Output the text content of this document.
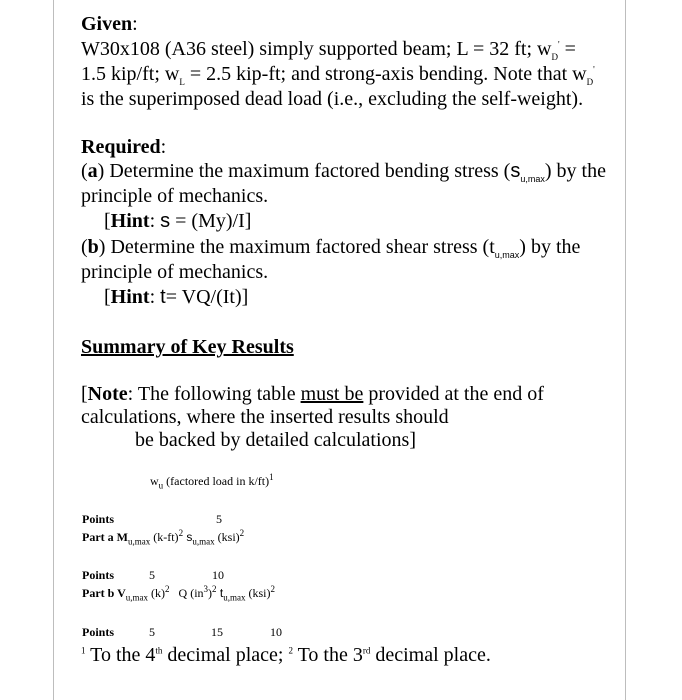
Given:
W30x108 (A36 steel) simply supported beam; L = 32 ft; $w_D'$ =
1.5 kip/ft; $w_L = 2.5$ kip-ft; and strong-axis bending. Note that $w_D'$
is the superimposed dead load (i.e., excluding the self-weight).
Required:
(a) Determine the maximum factored bending stress $(s_{u,max})$ by the
principle of mechanics.
[Hint: s = (My)/I]
(b) Determine the maximum factored shear stress $(t_{u,max})$ by the
principle of mechanics.
[Hint: t= VQ/(It)]
Summary of Key Results
[Note: The following table must be provided at the end of
calculations, where the inserted results should
be backed by detailed calculations]
$w_u$ (factored load in k/ft)$^1$
Points	5
Part a $M_{u,max}$ $(k-ft)^2$ $s_{u,max}$ (ksi)$^2$
Points	5	10
Part b $V_{u,max}$ $(k)^2$ Q $(in^3)^2$ $t_{u,max}$ (ksi)$^2$
Points	5	15	10
$^1$ To the 4th decimal place; $^2$ To the 3rd decimal place.
